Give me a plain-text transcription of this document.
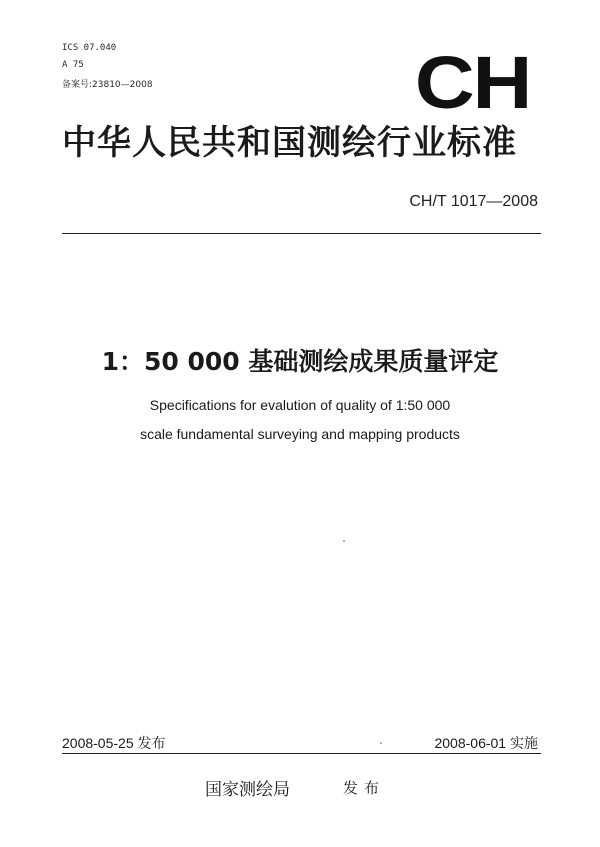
ICS 07.040
A 75
备案号:23810—2008	CH
中华人民共和国测绘行业标准
CH/T 1017—2008
1：50 000 基础测绘成果质量评定
Specifications for evalution of quality of 1:50 000
scale fundamental surveying and mapping products
2008-05-25 发布	2008-06-01 实施
国家测绘局	发布
